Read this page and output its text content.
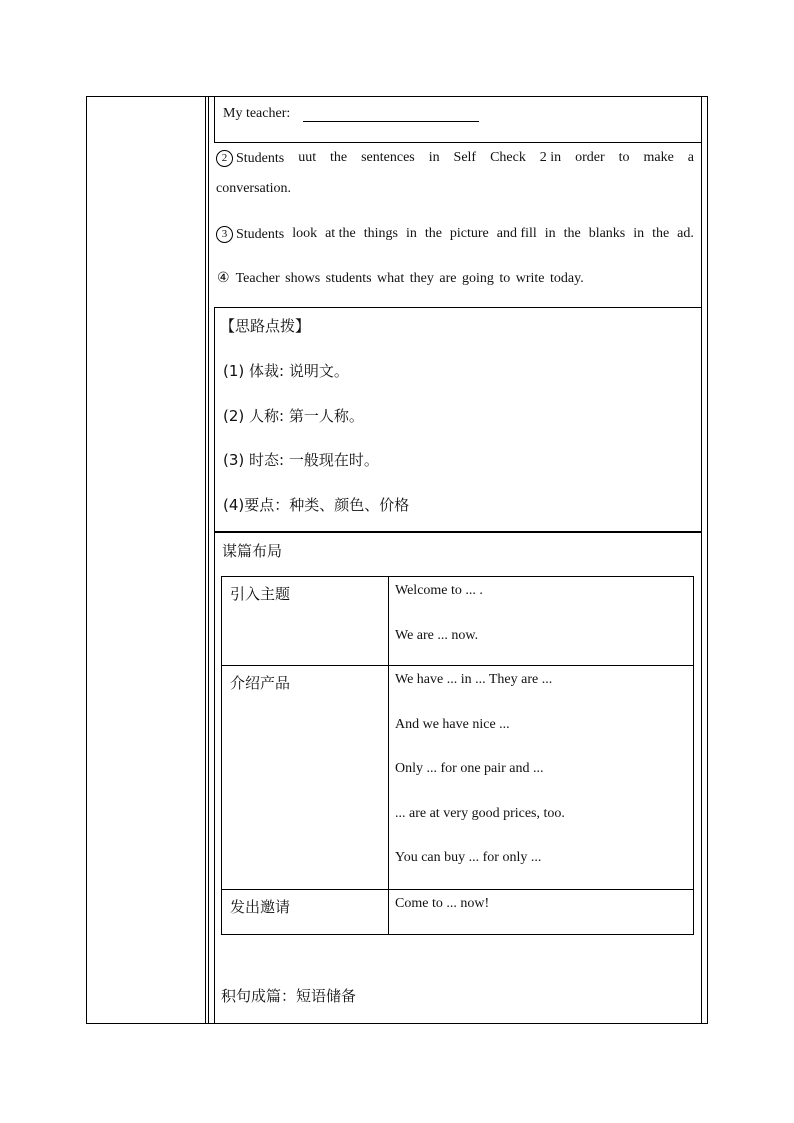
My teacher:
2 Students uut the sentences in Self Check 2 in order to make a
conversation.
3 Students look at the things in the picture and fill in the blanks in the ad.
④ Teacher shows students what they are going to write today.
【思路点拨】
(1) 体裁: 说明文。
(2) 人称: 第一人称。
(3) 时态: 一般现在时。
(4)要点：种类、颜色、价格
谋篇布局
引入主题	Welcome to ... .
We are ... now.

介绍产品	We have ... in ... They are ...
And we have nice ...
Only ... for one pair and ...
... are at very good prices, too.
You can buy ... for only ...

发出邀请	Come to ... now!
积句成篇：短语储备
